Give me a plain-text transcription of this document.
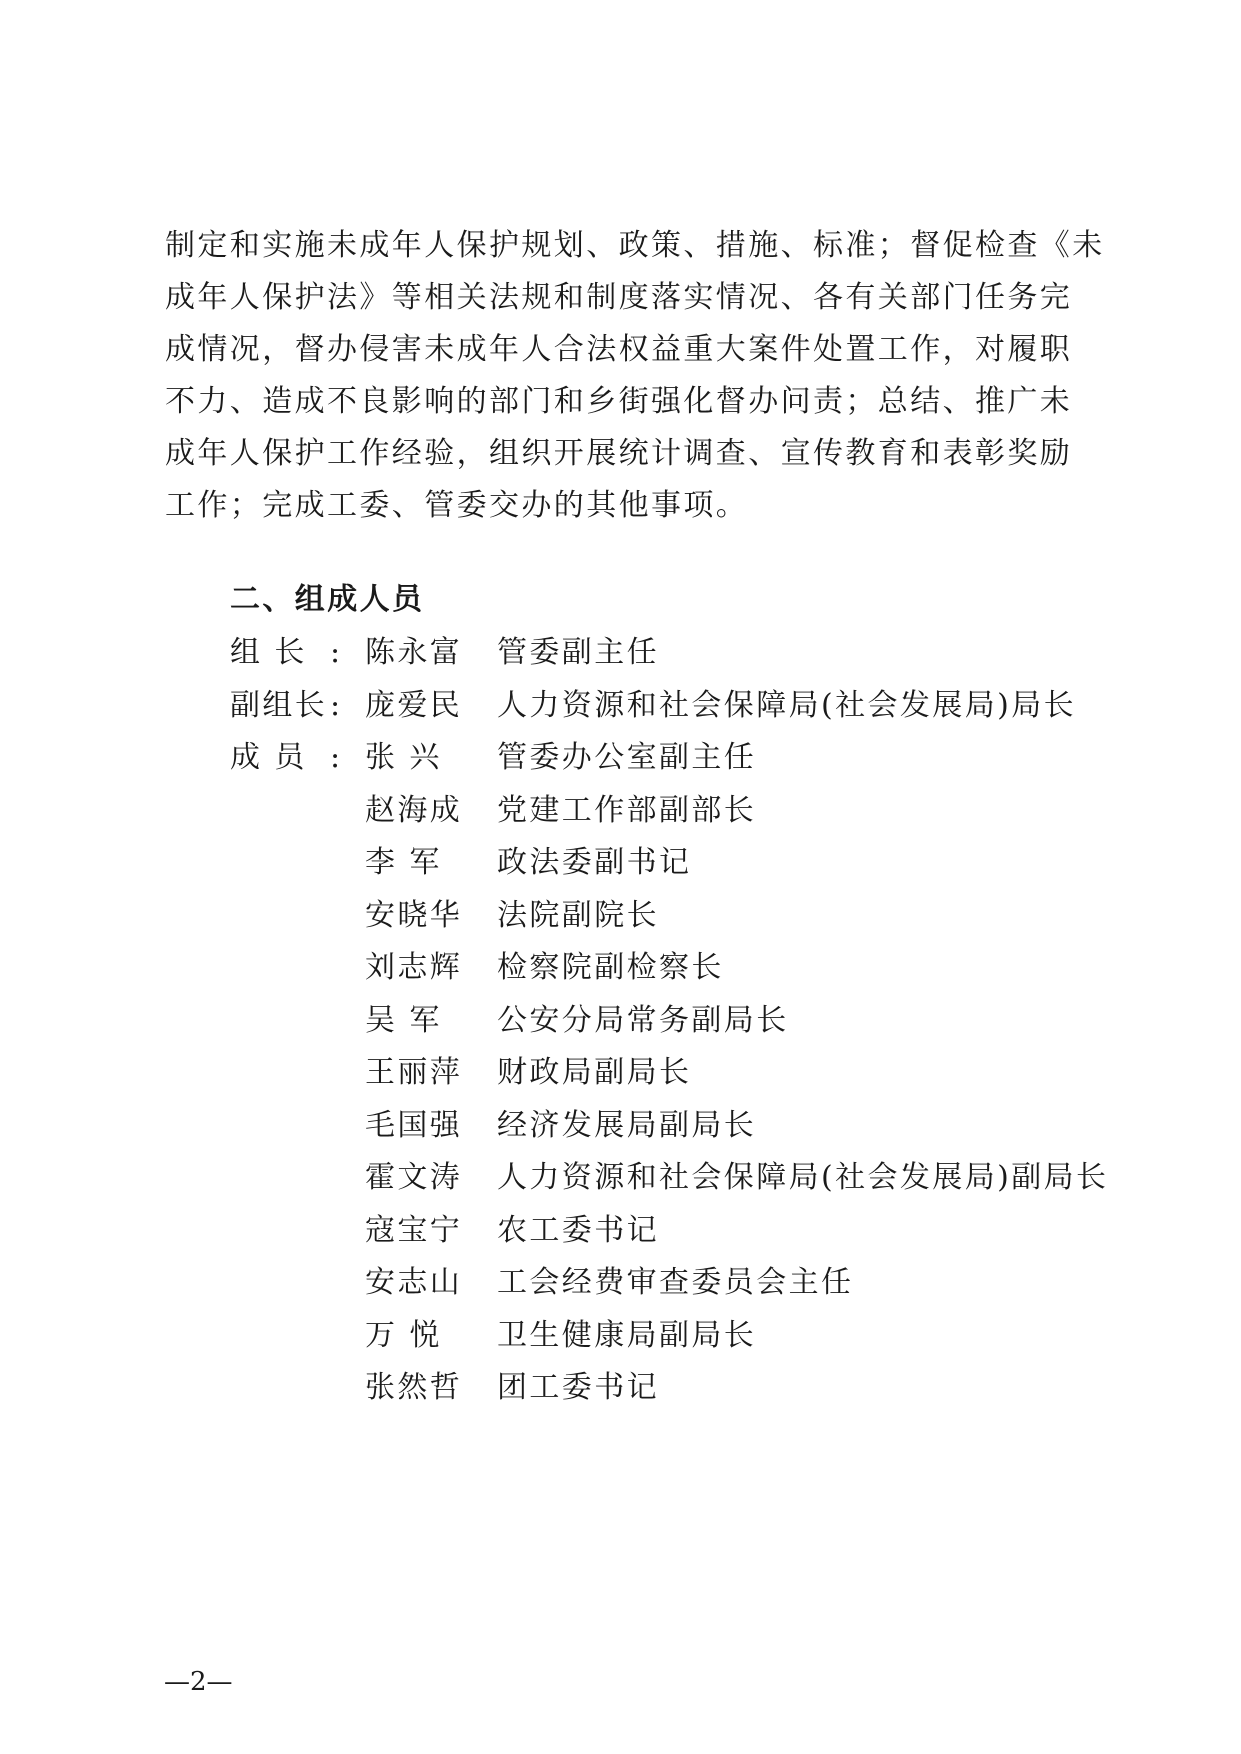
制定和实施未成年人保护规划、政策、措施、标准；督促检查《未
成年人保护法》等相关法规和制度落实情况、各有关部门任务完
成情况，督办侵害未成年人合法权益重大案件处置工作，对履职
不力、造成不良影响的部门和乡街强化督办问责；总结、推广未
成年人保护工作经验，组织开展统计调查、宣传教育和表彰奖励
工作；完成工委、管委交办的其他事项。
二、组成人员
组 长 : 陈永富 管委副主任
副组长 : 庞爱民 人力资源和社会保障局(社会发展局)局长
成 员 : 张 兴	管委办公室副主任
赵海成 党建工作部副部长
李 军	政法委副书记
安晓华 法院副院长
刘志辉 检察院副检察长
吴 军	公安分局常务副局长
王丽萍 财政局副局长
毛国强 经济发展局副局长
霍文涛 人力资源和社会保障局(社会发展局)副局长
寇宝宁 农工委书记
安志山 工会经费审查委员会主任
万 悦	卫生健康局副局长
张然哲 团工委书记
—2—
